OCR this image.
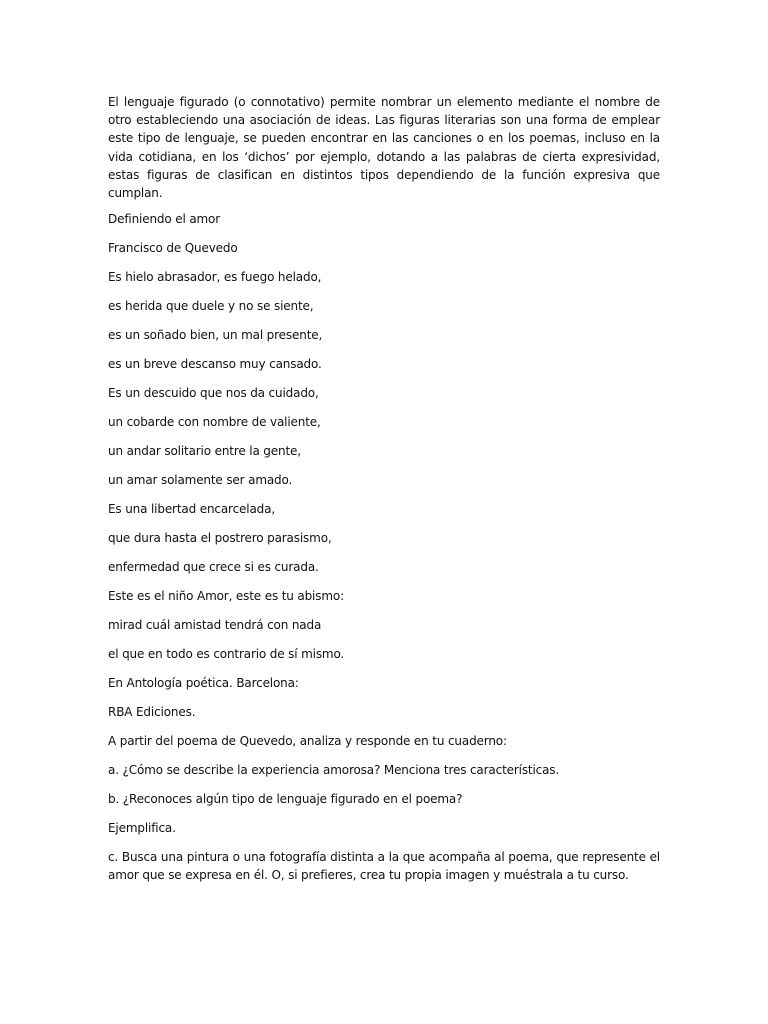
El lenguaje figurado (o connotativo) permite nombrar un elemento mediante el nombre de otro estableciendo una asociación de ideas. Las figuras literarias son una forma de emplear este tipo de lenguaje, se pueden encontrar en las canciones o en los poemas, incluso en la vida cotidiana, en los ‘dichos’ por ejemplo, dotando a las palabras de cierta expresividad, estas figuras de clasifican en distintos tipos dependiendo de la función expresiva que cumplan.

Definiendo el amor

Francisco de Quevedo

Es hielo abrasador, es fuego helado,

es herida que duele y no se siente,

es un soñado bien, un mal presente,

es un breve descanso muy cansado.

Es un descuido que nos da cuidado,

un cobarde con nombre de valiente,

un andar solitario entre la gente,

un amar solamente ser amado.

Es una libertad encarcelada,

que dura hasta el postrero parasismo,

enfermedad que crece si es curada.

Este es el niño Amor, este es tu abismo:

mirad cuál amistad tendrá con nada

el que en todo es contrario de sí mismo.

En Antología poética. Barcelona:

RBA Ediciones.

A partir del poema de Quevedo, analiza y responde en tu cuaderno:

a. ¿Cómo se describe la experiencia amorosa? Menciona tres características.

b. ¿Reconoces algún tipo de lenguaje figurado en el poema?

Ejemplifica.

c. Busca una pintura o una fotografía distinta a la que acompaña al poema, que represente el amor que se expresa en él. O, si prefieres, crea tu propia imagen y muéstrala a tu curso.
